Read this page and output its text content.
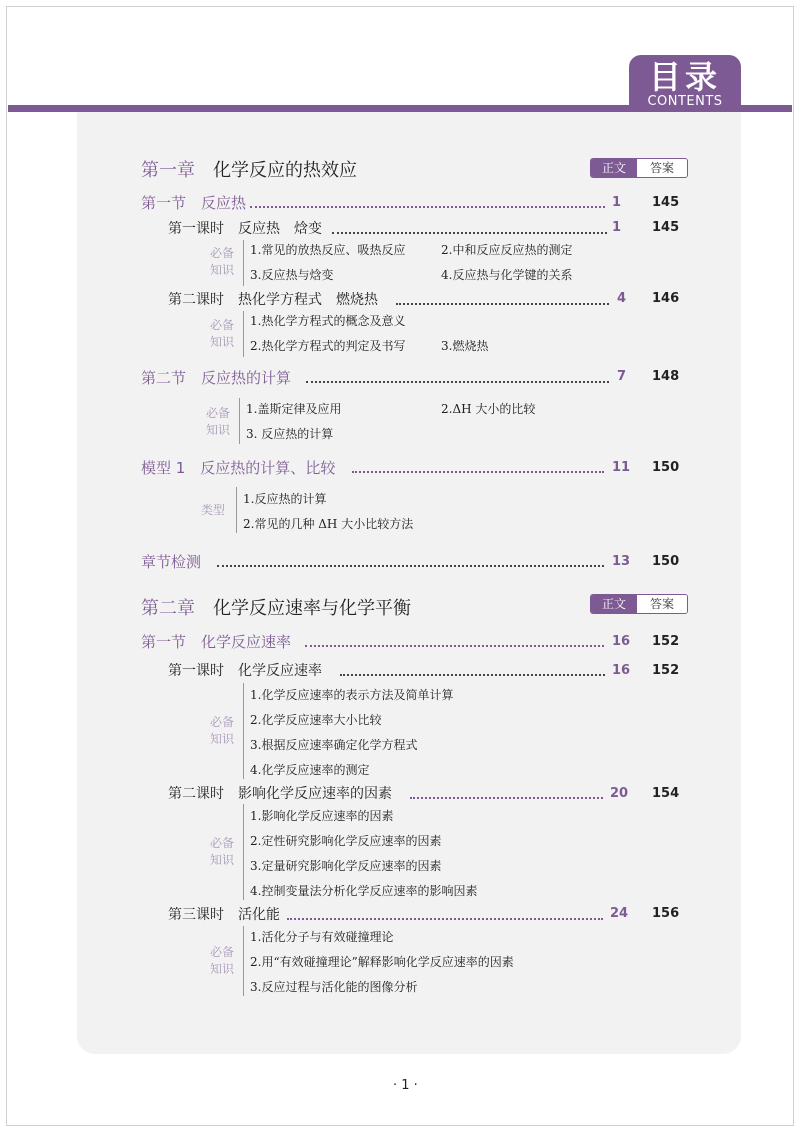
目录
CONTENTS
第一章 化学反应的热效应	正文	答案
第一节　反应热	1 145
第一课时　反应热　焓变	1 145
必备
知识
1.常见的放热反应、吸热反应	2.中和反应反应热的测定
3.反应热与焓变	4.反应热与化学键的关系
第二课时　热化学方程式　燃烧热	4 146
必备
知识
1.热化学方程式的概念及意义
2.热化学方程式的判定及书写	3.燃烧热
第二节　反应热的计算	7 148
必备
知识
1.盖斯定律及应用	2.ΔH 大小的比较
3. 反应热的计算
模型 1　反应热的计算、比较	11 150
类型
1.反应热的计算
2.常见的几种 ΔH 大小比较方法
章节检测	13 150
第二章 化学反应速率与化学平衡	正文	答案
第一节　化学反应速率	16 152
第一课时　化学反应速率	16 152
必备
知识
1.化学反应速率的表示方法及简单计算
2.化学反应速率大小比较
3.根据反应速率确定化学方程式
4.化学反应速率的测定
第二课时　影响化学反应速率的因素	20 154
必备
知识
1.影响化学反应速率的因素
2.定性研究影响化学反应速率的因素
3.定量研究影响化学反应速率的因素
4.控制变量法分析化学反应速率的影响因素
第三课时　活化能	24 156
必备
知识
1.活化分子与有效碰撞理论
2.用“有效碰撞理论”解释影响化学反应速率的因素
3.反应过程与活化能的图像分析
· 1 ·
